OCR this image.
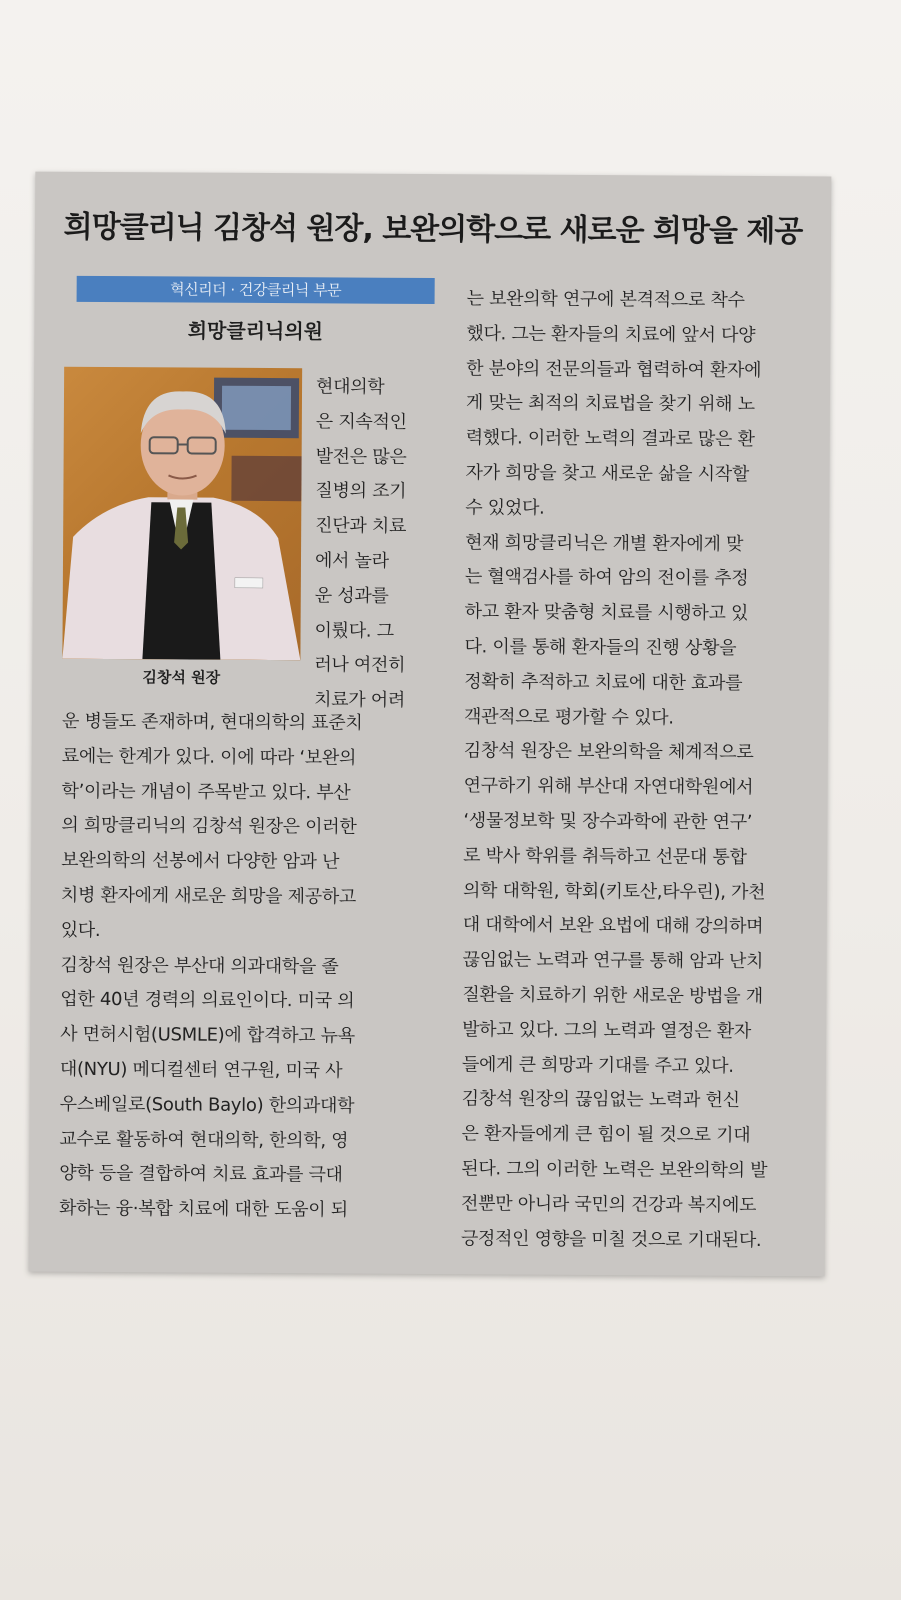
희망클리닉 김창석 원장, 보완의학으로 새로운 희망을 제공
혁신리더 · 건강클리닉 부문
희망클리닉의원
김창석 원장
현대의학
은 지속적인
발전은 많은
질병의 조기
진단과 치료
에서 놀라
운 성과를
이뤘다. 그
러나 여전히
치료가 어려
운 병들도 존재하며, 현대의학의 표준치
료에는 한계가 있다. 이에 따라 ‘보완의
학’이라는 개념이 주목받고 있다. 부산
의 희망클리닉의 김창석 원장은 이러한
보완의학의 선봉에서 다양한 암과 난
치병 환자에게 새로운 희망을 제공하고
있다.
김창석 원장은 부산대 의과대학을 졸
업한 40년 경력의 의료인이다. 미국 의
사 면허시험(USMLE)에 합격하고 뉴욕
대(NYU) 메디컬센터 연구원, 미국 사
우스베일로(South Baylo) 한의과대학
교수로 활동하여 현대의학, 한의학, 영
양학 등을 결합하여 치료 효과를 극대
화하는 융·복합 치료에 대한 도움이 되
는 보완의학 연구에 본격적으로 착수
했다. 그는 환자들의 치료에 앞서 다양
한 분야의 전문의들과 협력하여 환자에
게 맞는 최적의 치료법을 찾기 위해 노
력했다. 이러한 노력의 결과로 많은 환
자가 희망을 찾고 새로운 삶을 시작할
수 있었다.
현재 희망클리닉은 개별 환자에게 맞
는 혈액검사를 하여 암의 전이를 추정
하고 환자 맞춤형 치료를 시행하고 있
다. 이를 통해 환자들의 진행 상황을
정확히 추적하고 치료에 대한 효과를
객관적으로 평가할 수 있다.
김창석 원장은 보완의학을 체계적으로
연구하기 위해 부산대 자연대학원에서
‘생물정보학 및 장수과학에 관한 연구’
로 박사 학위를 취득하고 선문대 통합
의학 대학원, 학회(키토산,타우린), 가천
대 대학에서 보완 요법에 대해 강의하며
끊임없는 노력과 연구를 통해 암과 난치
질환을 치료하기 위한 새로운 방법을 개
발하고 있다. 그의 노력과 열정은 환자
들에게 큰 희망과 기대를 주고 있다.
김창석 원장의 끊임없는 노력과 헌신
은 환자들에게 큰 힘이 될 것으로 기대
된다. 그의 이러한 노력은 보완의학의 발
전뿐만 아니라 국민의 건강과 복지에도
긍정적인 영향을 미칠 것으로 기대된다.
